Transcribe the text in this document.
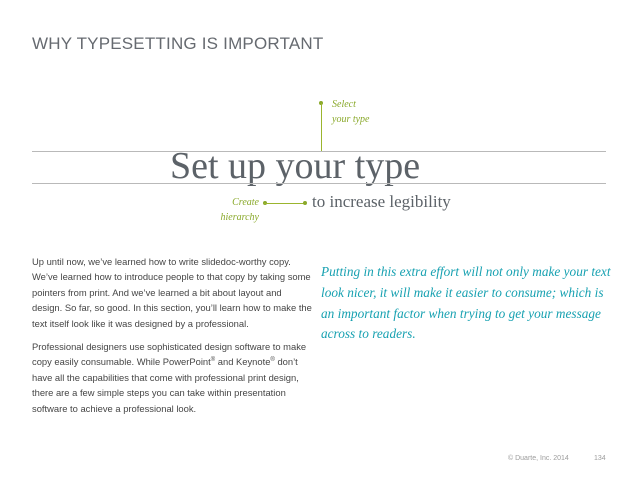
WHY TYPESETTING IS IMPORTANT
Select
your type
Set up your type
Create
hierarchy
to increase legibility

Up until now, we’ve learned how to write slidedoc-worthy copy. We’ve learned how to introduce people to that copy by taking some pointers from print. And we’ve learned a bit about layout and design. So far, so good. In this section, you’ll learn how to make the text itself look like it was designed by a professional.

Professional designers use sophisticated design software to make copy easily consumable. While PowerPoint® and Keynote® don’t have all the capabilities that come with professional print design, there are a few simple steps you can take within presentation software to achieve a professional look.

Putting in this extra effort will not only make your text look nicer, it will make it easier to consume; which is an important factor when trying to get your message across to readers.
© Duarte, Inc. 2014	134
